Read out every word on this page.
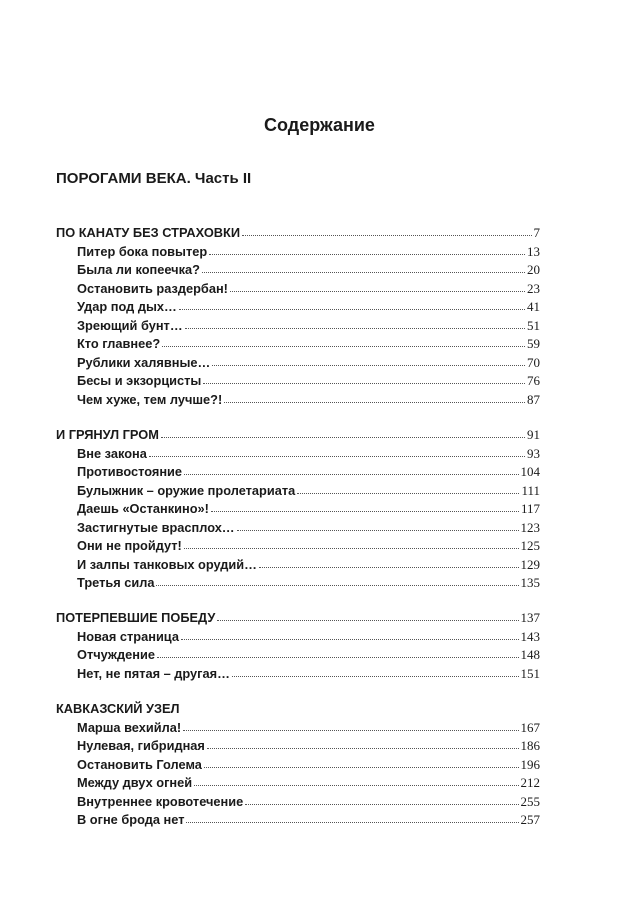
Содержание
ПОРОГАМИ ВЕКА. Часть II
ПО КАНАТУ БЕЗ СТРАХОВКИ	7
Питер бока повытер	13
Была ли копеечка?	20
Остановить раздербан!	23
Удар под дых…	41
Зреющий бунт…	51
Кто главнее?	59
Рублики халявные…	70
Бесы и экзорцисты	76
Чем хуже, тем лучше?!	87
И ГРЯНУЛ ГРОМ	91
Вне закона	93
Противостояние	104
Булыжник – оружие пролетариата	111
Даешь «Останкино»!	117
Застигнутые врасплох…	123
Они не пройдут!	125
И залпы танковых орудий…	129
Третья сила	135
ПОТЕРПЕВШИЕ ПОБЕДУ	137
Новая страница	143
Отчуждение	148
Нет, не пятая – другая…	151
КАВКАЗСКИЙ УЗЕЛ
Марша вехийла!	167
Нулевая, гибридная	186
Остановить Голема	196
Между двух огней	212
Внутреннее кровотечение	255
В огне брода нет	257
